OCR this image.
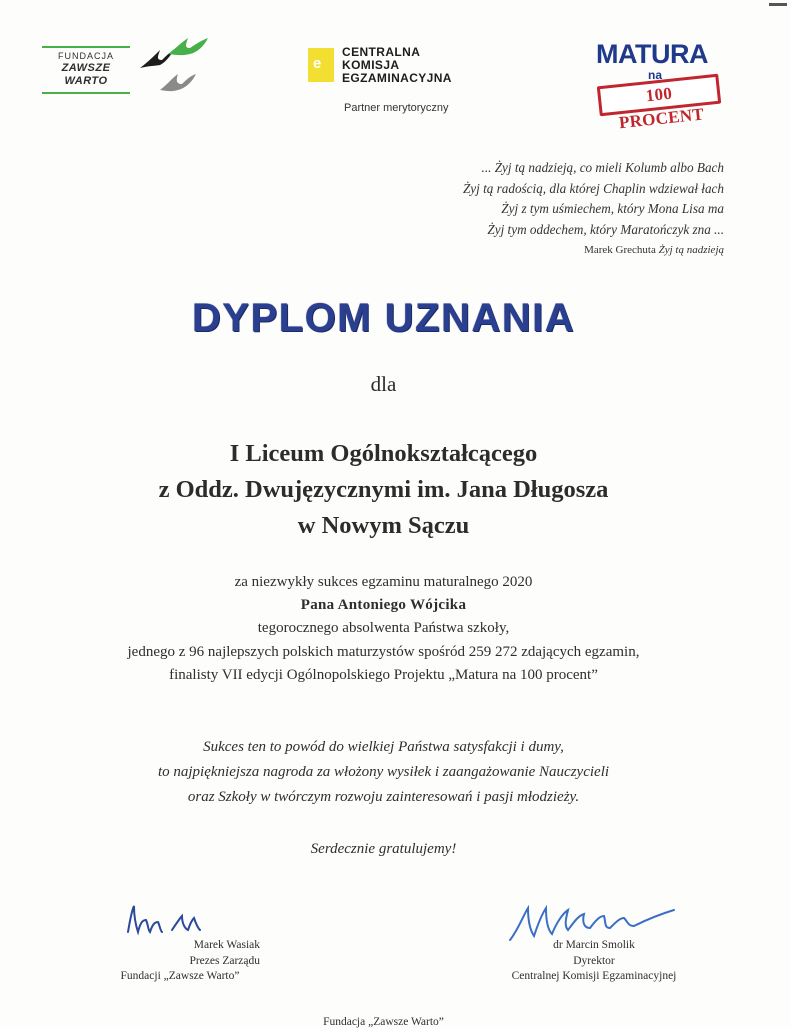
FUNDACJA
ZAWSZE WARTO
e
CENTRALNA
KOMISJA
EGZAMINACYJNA
Partner merytoryczny
MATURA
na
100 PROCENT
... Żyj tą nadzieją, co mieli Kolumb albo Bach
Żyj tą radością, dla której Chaplin wdziewał łach
Żyj z tym uśmiechem, który Mona Lisa ma
Żyj tym oddechem, który Maratończyk zna ...
Marek Grechuta Żyj tą nadzieją
DYPLOM UZNANIA
dla
I Liceum Ogólnokształcącego
z Oddz. Dwujęzycznymi im. Jana Długosza
w Nowym Sączu
za niezwykły sukces egzaminu maturalnego 2020
Pana Antoniego Wójcika
tegorocznego absolwenta Państwa szkoły,
jednego z 96 najlepszych polskich maturzystów spośród 259 272 zdających egzamin,
finalisty VII edycji Ogólnopolskiego Projektu „Matura na 100 procent”
Sukces ten to powód do wielkiej Państwa satysfakcji i dumy,
to najpiękniejsza nagroda za włożony wysiłek i zaangażowanie Nauczycieli
oraz Szkoły w twórczym rozwoju zainteresowań i pasji młodzieży.
Serdecznie gratulujemy!
Marek Wasiak
Prezes Zarządu
Fundacji „Zawsze Warto”
dr Marcin Smolik
Dyrektor
Centralnej Komisji Egzaminacyjnej
Fundacja „Zawsze Warto”
